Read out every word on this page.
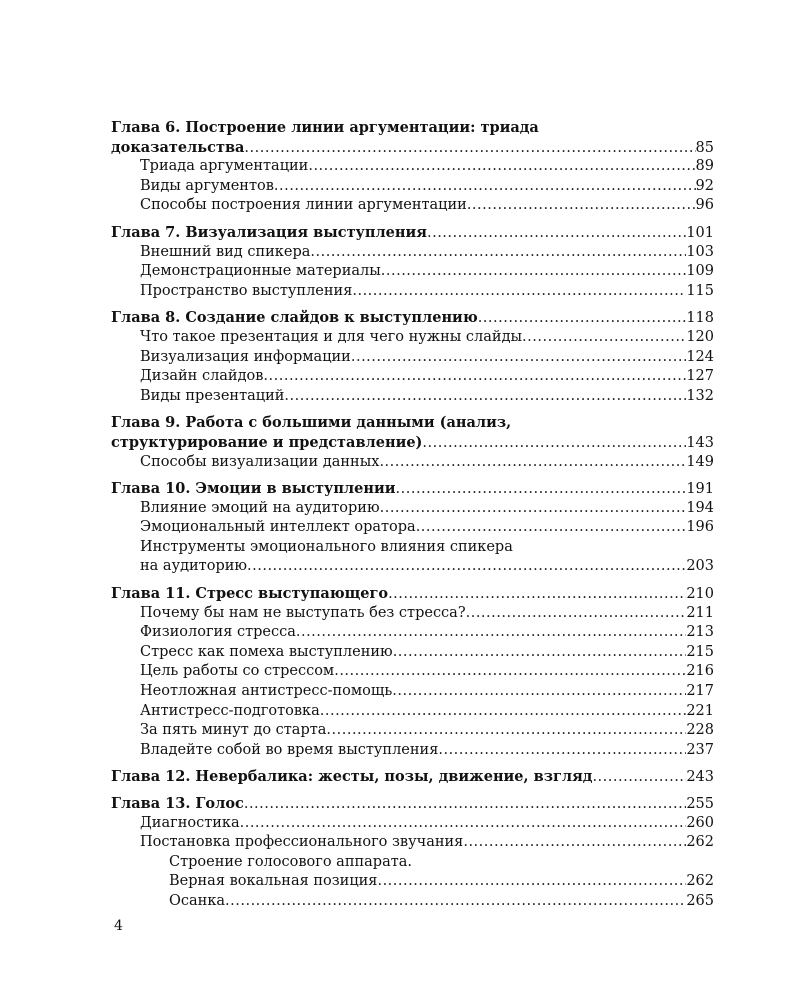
Глава 6. Построение линии аргументации: триада
доказательства .....	85
Триада аргументации .....	89
Виды аргументов .....	92
Способы построения линии аргументации .....	96
Глава 7. Визуализация выступления .....	101
Внешний вид спикера .....	103
Демонстрационные материалы .....	109
Пространство выступления .....	115
Глава 8. Создание слайдов к выступлению .....	118
Что такое презентация и для чего нужны слайды .....	120
Визуализация информации .....	124
Дизайн слайдов .....	127
Виды презентаций .....	132
Глава 9. Работа с большими данными (анализ,
структурирование и представление) .....	143
Способы визуализации данных .....	149
Глава 10. Эмоции в выступлении .....	191
Влияние эмоций на аудиторию .....	194
Эмоциональный интеллект оратора .....	196
Инструменты эмоционального влияния спикера
на аудиторию .....	203
Глава 11. Стресс выступающего .....	210
Почему бы нам не выступать без стресса? .....	211
Физиология стресса .....	213
Стресс как помеха выступлению .....	215
Цель работы со стрессом .....	216
Неотложная антистресс-помощь .....	217
Антистресс-подготовка .....	221
За пять минут до старта .....	228
Владейте собой во время выступления .....	237
Глава 12. Невербалика: жесты, позы, движение, взгляд .....	243
Глава 13. Голос .....	255
Диагностика .....	260
Постановка профессионального звучания .....	262
Строение голосового аппарата.
Верная вокальная позиция .....	262
Осанка .....	265
4
